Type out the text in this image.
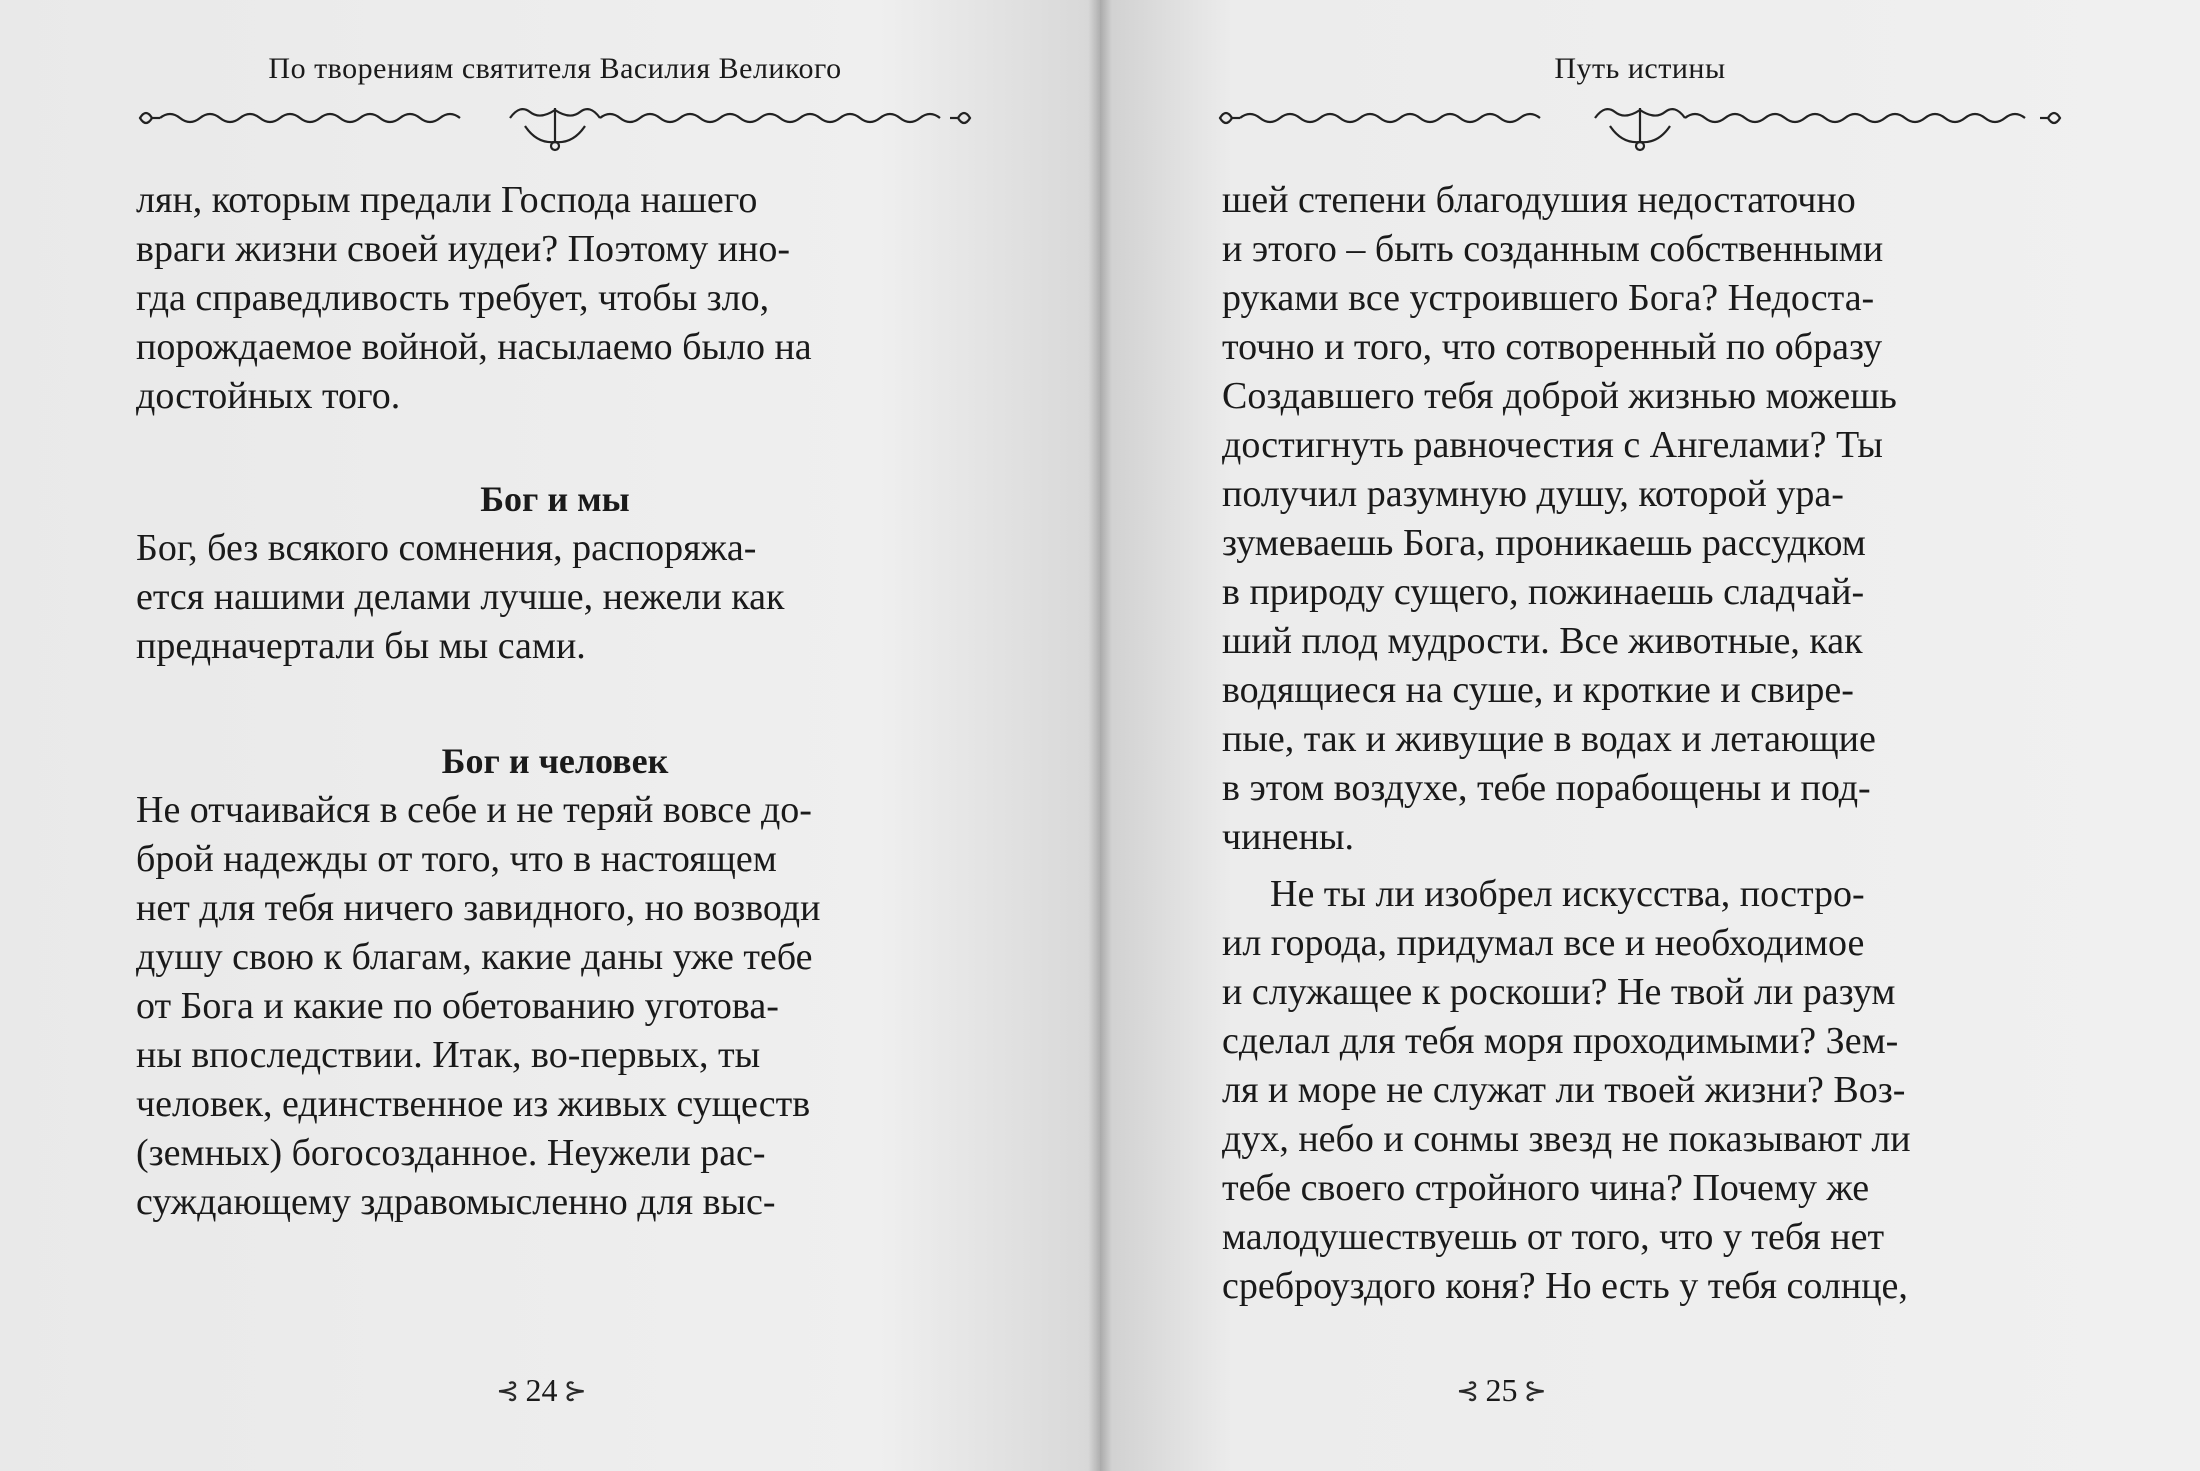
По творениям святителя Василия Великого

лян, которым предали Господа нашего

враги жизни своей иудеи? Поэтому ино-

гда справедливость требует, чтобы зло,

порождаемое войной, насылаемо было на

достойных того.

Бог и мы

Бог, без всякого сомнения, распоряжа-

ется нашими делами лучше, нежели как

предначертали бы мы сами.

Бог и человек

Не отчаивайся в себе и не теряй вовсе до-

брой надежды от того, что в настоящем

нет для тебя ничего завидного, но возводи

душу свою к благам, какие даны уже тебе

от Бога и какие по обетованию уготова-

ны впоследствии. Итак, во-первых, ты

человек, единственное из живых существ

(земных) богосозданное. Неужели рас-

суждающему здравомысленно для выс-

⊰ 24 ⊱
Путь истины

шей степени благодушия недостаточно

и этого – быть созданным собственными

руками все устроившего Бога? Недоста-

точно и того, что сотворенный по образу

Создавшего тебя доброй жизнью можешь

достигнуть равночестия с Ангелами? Ты

получил разумную душу, которой ура-

зумеваешь Бога, проникаешь рассудком

в природу сущего, пожинаешь сладчай-

ший плод мудрости. Все животные, как

водящиеся на суше, и кроткие и свире-

пые, так и живущие в водах и летающие

в этом воздухе, тебе порабощены и под-

чинены.

Не ты ли изобрел искусства, постро-

ил города, придумал все и необходимое

и служащее к роскоши? Не твой ли разум

сделал для тебя моря проходимыми? Зем-

ля и море не служат ли твоей жизни? Воз-

дух, небо и сонмы звезд не показывают ли

тебе своего стройного чина? Почему же

малодушествуешь от того, что у тебя нет

среброуздого коня? Но есть у тебя солнце,

⊰ 25 ⊱
